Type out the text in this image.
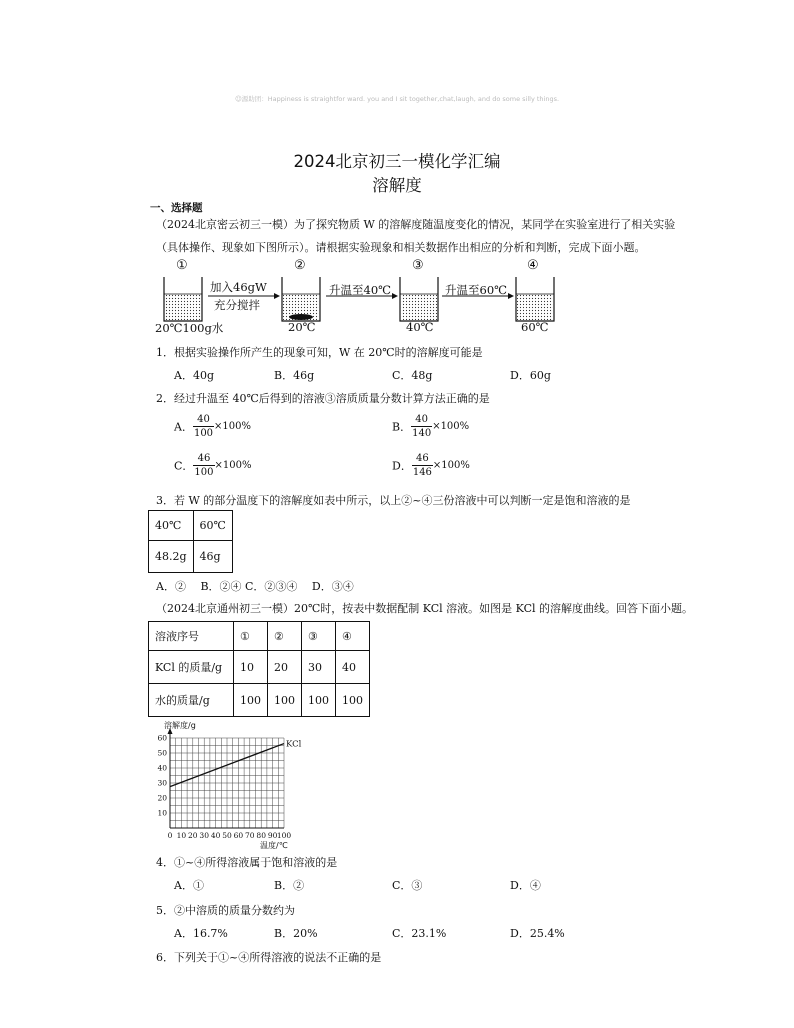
☺源助团：Happiness is straightfor ward. you and I sit together,chat,laugh, and do some silly things.
2024北京初三一模化学汇编
溶解度
一、选择题
（2024北京密云初三一模）为了探究物质 W 的溶解度随温度变化的情况，某同学在实验室进行了相关实验
（具体操作、现象如下图所示）。请根据实验现象和相关数据作出相应的分析和判断，完成下面小题。
①	②	③	④
加入46gW
充分搅拌
升温至40℃	升温至60℃
20℃100g水	20℃	40℃	60℃
1．根据实验操作所产生的现象可知，W 在 20℃时的溶解度可能是
A．40g	B．46g	C．48g	D．60g
2．经过升温至 40℃后得到的溶液③溶质质量分数计算方法正确的是
A． $\frac{40}{100} \times 100\%$	B． $\frac{40}{140} \times 100\%$
C． $\frac{46}{100} \times 100\%$	D． $\frac{46}{146} \times 100\%$
3．若 W 的部分温度下的溶解度如表中所示，以上②~④三份溶液中可以判断一定是饱和溶液的是
40℃	60℃
48.2g	46g
A．②　 B．②④ C．②③④　 D．③④
（2024北京通州初三一模）20℃时，按表中数据配制 KCl 溶液。如图是 KCl 的溶解度曲线。回答下面小题。
溶液序号	①	②	③	④
KCl 的质量/g	10	20	30	40
水的质量/g	100	100	100	100
0 10 20 30 40 50 60 70 80 90 100
10
20
30
40
50
60
溶解度/g
温度/℃
KCl
4．①~④所得溶液属于饱和溶液的是
A．①	B．②	C．③	D．④
5．②中溶质的质量分数约为
A．16.7%	B．20%	C．23.1%	D．25.4%
6．下列关于①~④所得溶液的说法不正确的是
